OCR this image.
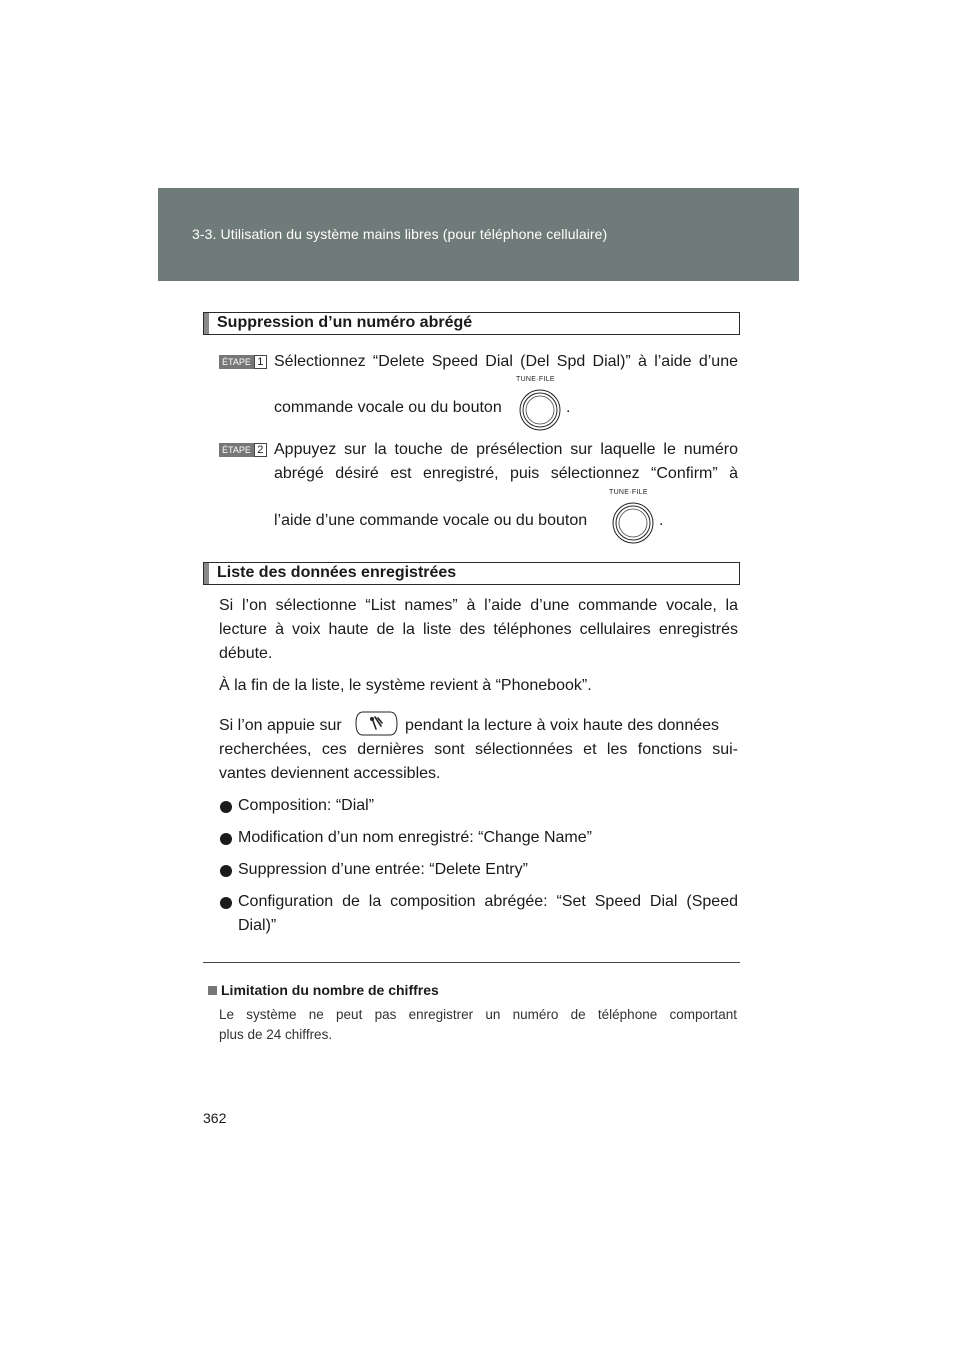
3-3. Utilisation du système mains libres (pour téléphone cellulaire)
Suppression d’un numéro abrégé
ÉTAPE 1 Sélectionnez “Delete Speed Dial (Del Spd Dial)” à l’aide d’une
commande vocale ou du bouton
TUNE·FILE
.
ÉTAPE 2 Appuyez sur la touche de présélection sur laquelle le numéro
abrégé désiré est enregistré, puis sélectionnez “Confirm” à
l’aide d’une commande vocale ou du bouton
TUNE·FILE
.
Liste des données enregistrées
Si l’on sélectionne “List names” à l’aide d’une commande vocale, la
lecture à voix haute de la liste des téléphones cellulaires enregistrés
débute.
À la fin de la liste, le système revient à “Phonebook”.
Si l’on appuie sur	pendant la lecture à voix haute des données
recherchées, ces dernières sont sélectionnées et les fonctions sui-
vantes deviennent accessibles.
Composition: “Dial”
Modification d’un nom enregistré: “Change Name”
Suppression d’une entrée: “Delete Entry”
Configuration de la composition abrégée: “Set Speed Dial (Speed
Dial)”
Limitation du nombre de chiffres
Le système ne peut pas enregistrer un numéro de téléphone comportant
plus de 24 chiffres.
362
